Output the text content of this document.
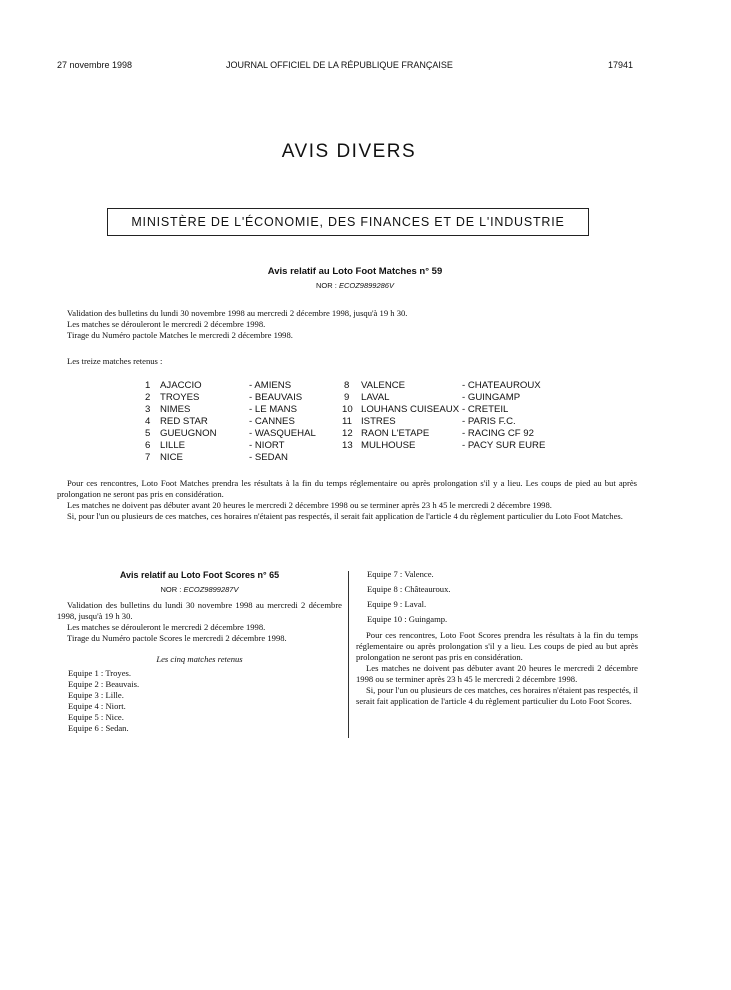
27 novembre 1998	JOURNAL OFFICIEL DE LA RÉPUBLIQUE FRANÇAISE	17941
AVIS DIVERS
MINISTÈRE DE L'ÉCONOMIE, DES FINANCES ET DE L'INDUSTRIE
Avis relatif au Loto Foot Matches n° 59
NOR : ECOZ9899286V

Validation des bulletins du lundi 30 novembre 1998 au mercredi 2 décembre 1998, jusqu'à 19 h 30.

Les matches se dérouleront le mercredi 2 décembre 1998.

Tirage du Numéro pactole Matches le mercredi 2 décembre 1998.

Les treize matches retenus :

1 AJACCIO	- AMIENS
2 TROYES	- BEAUVAIS
3 NIMES	- LE MANS
4 RED STAR	- CANNES
5 GUEUGNON	- WASQUEHAL
6 LILLE	- NIORT
7 NICE	- SEDAN
8 VALENCE	- CHATEAUROUX
9 LAVAL	- GUINGAMP
10 LOUHANS CUISEAUX - CRETEIL
11 ISTRES	- PARIS F.C.
12 RAON L'ETAPE	- RACING CF 92
13 MULHOUSE	- PACY SUR EURE

Pour ces rencontres, Loto Foot Matches prendra les résultats à la fin du temps réglementaire ou après prolongation s'il y a lieu. Les coups de pied au but après prolongation ne seront pas pris en considération.

Les matches ne doivent pas débuter avant 20 heures le mercredi 2 décembre 1998 ou se terminer après 23 h 45 le mercredi 2 décembre 1998.

Si, pour l'un ou plusieurs de ces matches, ces horaires n'étaient pas respectés, il serait fait application de l'article 4 du règlement particulier du Loto Foot Matches.

Avis relatif au Loto Foot Scores n° 65
NOR : ECOZ9899287V

Validation des bulletins du lundi 30 novembre 1998 au mercredi 2 décembre 1998, jusqu'à 19 h 30.

Les matches se dérouleront le mercredi 2 décembre 1998.

Tirage du Numéro pactole Scores le mercredi 2 décembre 1998.

Les cinq matches retenus

Equipe 1 : Troyes.

Equipe 2 : Beauvais.

Equipe 3 : Lille.

Equipe 4 : Niort.

Equipe 5 : Nice.

Equipe 6 : Sedan.

Equipe 7 : Valence.

Equipe 8 : Châteauroux.

Equipe 9 : Laval.

Equipe 10 : Guingamp.

Pour ces rencontres, Loto Foot Scores prendra les résultats à la fin du temps réglementaire ou après prolongation s'il y a lieu. Les coups de pied au but après prolongation ne seront pas pris en considération.

Les matches ne doivent pas débuter avant 20 heures le mercredi 2 décembre 1998 ou se terminer après 23 h 45 le mercredi 2 décembre 1998.

Si, pour l'un ou plusieurs de ces matches, ces horaires n'étaient pas respectés, il serait fait application de l'article 4 du règlement particulier du Loto Foot Scores.
